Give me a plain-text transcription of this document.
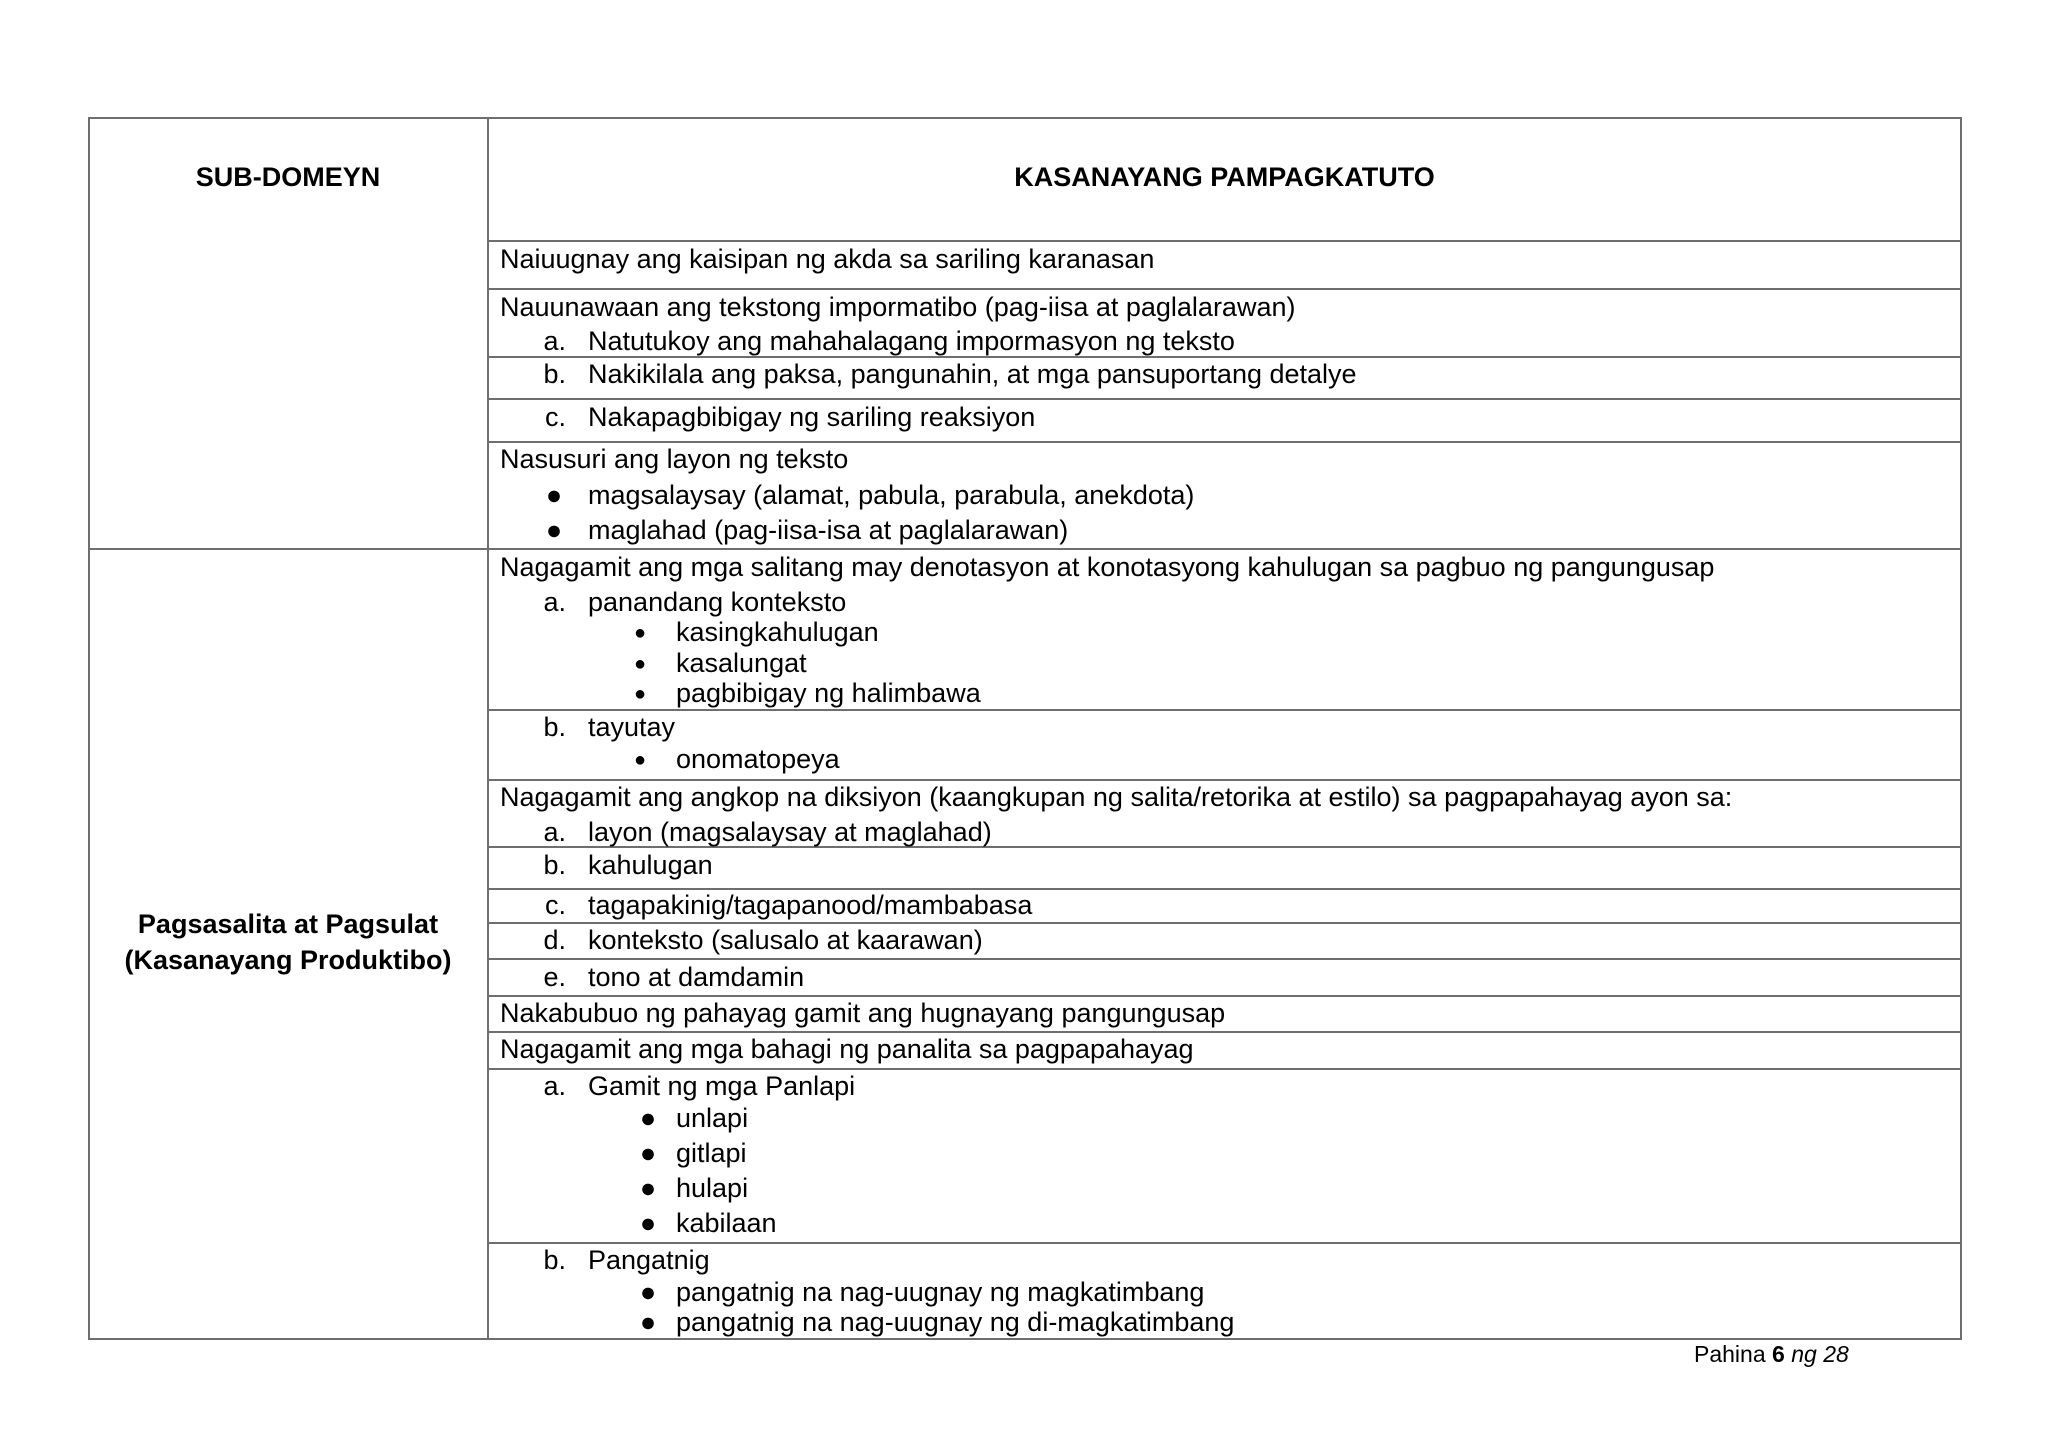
SUB-DOMEYN	KASANAYANG PAMPAGKATUTO
Pagsasalita at Pagsulat
(Kasanayang Produktibo)
Naiuugnay ang kaisipan ng akda sa sariling karanasan
Nauunawaan ang tekstong impormatibo (pag-iisa at paglalarawan)
a. Natutukoy ang mahahalagang impormasyon ng teksto
b. Nakikilala ang paksa, pangunahin, at mga pansuportang detalye
c. Nakapagbibigay ng sariling reaksiyon
Nasusuri ang layon ng teksto
● magsalaysay (alamat, pabula, parabula, anekdota)
● maglahad (pag-iisa-isa at paglalarawan)
Nagagamit ang mga salitang may denotasyon at konotasyong kahulugan sa pagbuo ng pangungusap
a. panandang konteksto
● kasingkahulugan
● kasalungat
● pagbibigay ng halimbawa
b. tayutay
● onomatopeya
Nagagamit ang angkop na diksiyon (kaangkupan ng salita/retorika at estilo) sa pagpapahayag ayon sa:
a. layon (magsalaysay at maglahad)
b. kahulugan
c. tagapakinig/tagapanood/mambabasa
d. konteksto (salusalo at kaarawan)
e. tono at damdamin
Nakabubuo ng pahayag gamit ang hugnayang pangungusap
Nagagamit ang mga bahagi ng panalita sa pagpapahayag
a. Gamit ng mga Panlapi
● unlapi
● gitlapi
● hulapi
● kabilaan
b. Pangatnig
● pangatnig na nag-uugnay ng magkatimbang
● pangatnig na nag-uugnay ng di-magkatimbang
Pahina 6 ng 28
